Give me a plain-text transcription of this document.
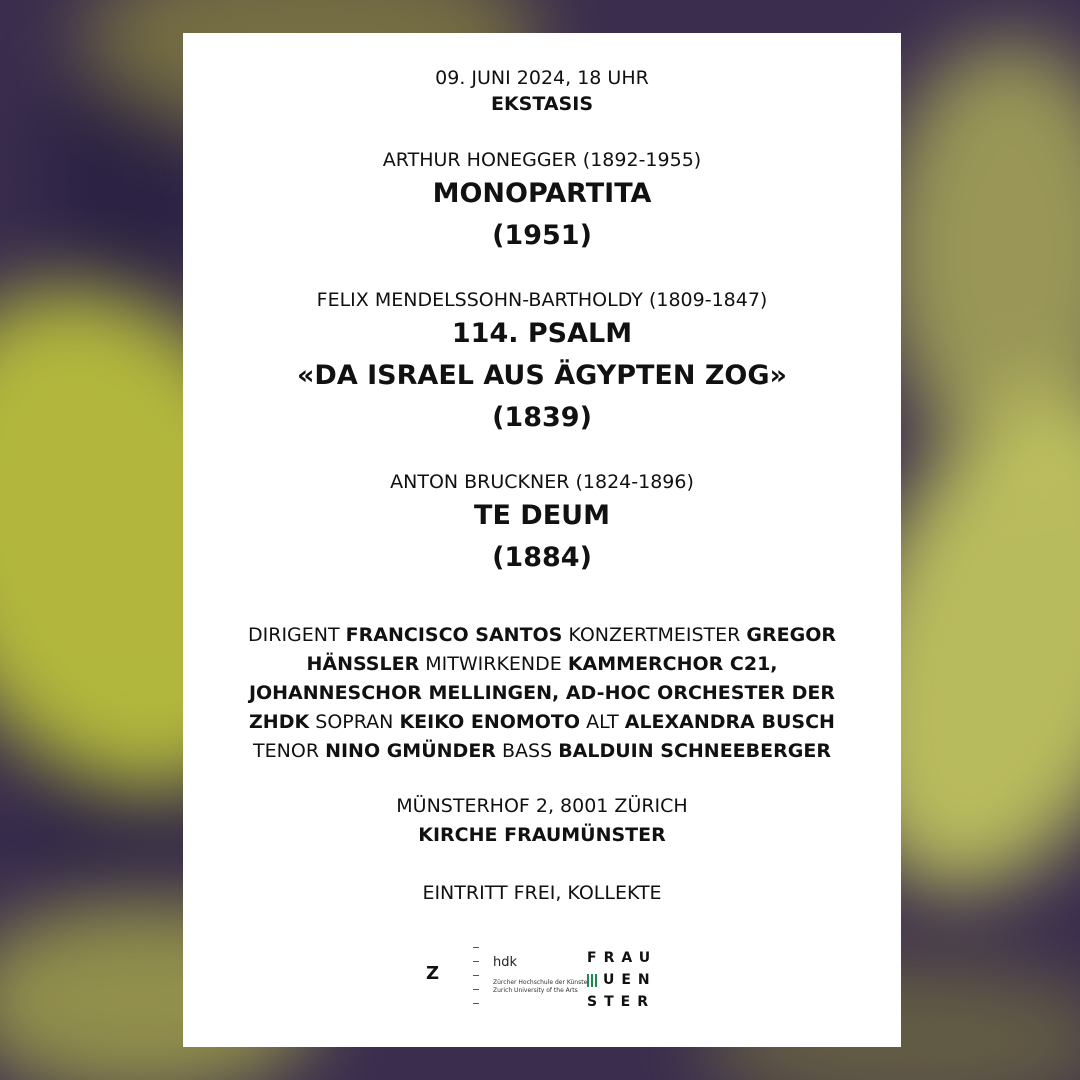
09. JUNI 2024, 18 UHR
EKSTASIS
ARTHUR HONEGGER (1892-1955)
MONOPARTITA
(1951)
FELIX MENDELSSOHN-BARTHOLDY (1809-1847)
114. PSALM
«DA ISRAEL AUS ÄGYPTEN ZOG»
(1839)
ANTON BRUCKNER (1824-1896)
TE DEUM
(1884)
DIRIGENT FRANCISCO SANTOS KONZERTMEISTER GREGOR HÄNSSLER MITWIRKENDE KAMMERCHOR C21, JOHANNESCHOR MELLINGEN, AD-HOC ORCHESTER DER ZHDK SOPRAN KEIKO ENOMOTO ALT ALEXANDRA BUSCH TENOR NINO GMÜNDER BASS BALDUIN SCHNEEBERGER
MÜNSTERHOF 2, 8001 ZÜRICH
KIRCHE FRAUMÜNSTER
EINTRITT FREI, KOLLEKTE
Z
hdk
Zürcher Hochschule der Künste
Zurich University of the Arts
FRAU
UEN
STER
